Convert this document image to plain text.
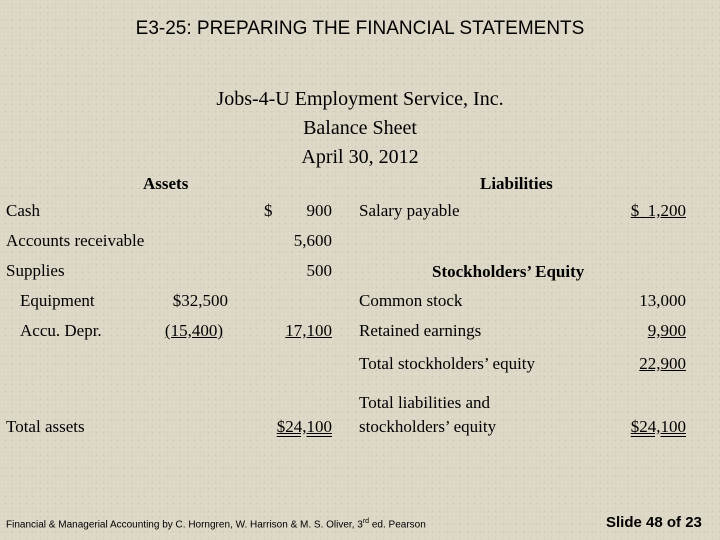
E3-25: PREPARING THE FINANCIAL STATEMENTS
Jobs-4-U Employment Service, Inc.
Balance Sheet
April 30, 2012
Assets
Cash	$	900
Accounts receivable	5,600
Supplies	500
Equipment	$32,500
Accu. Depr.	(15,400)	17,100
Total assets	$24,100
Liabilities
Salary payable	$  1,200
Stockholders’ Equity
Common stock	13,000
Retained earnings	9,900
Total stockholders’ equity	22,900
Total liabilities and
stockholders’ equity	$24,100
Financial & Managerial Accounting by C. Horngren, W. Harrison & M. S. Oliver, 3rd ed. Pearson	Slide 48 of 23
